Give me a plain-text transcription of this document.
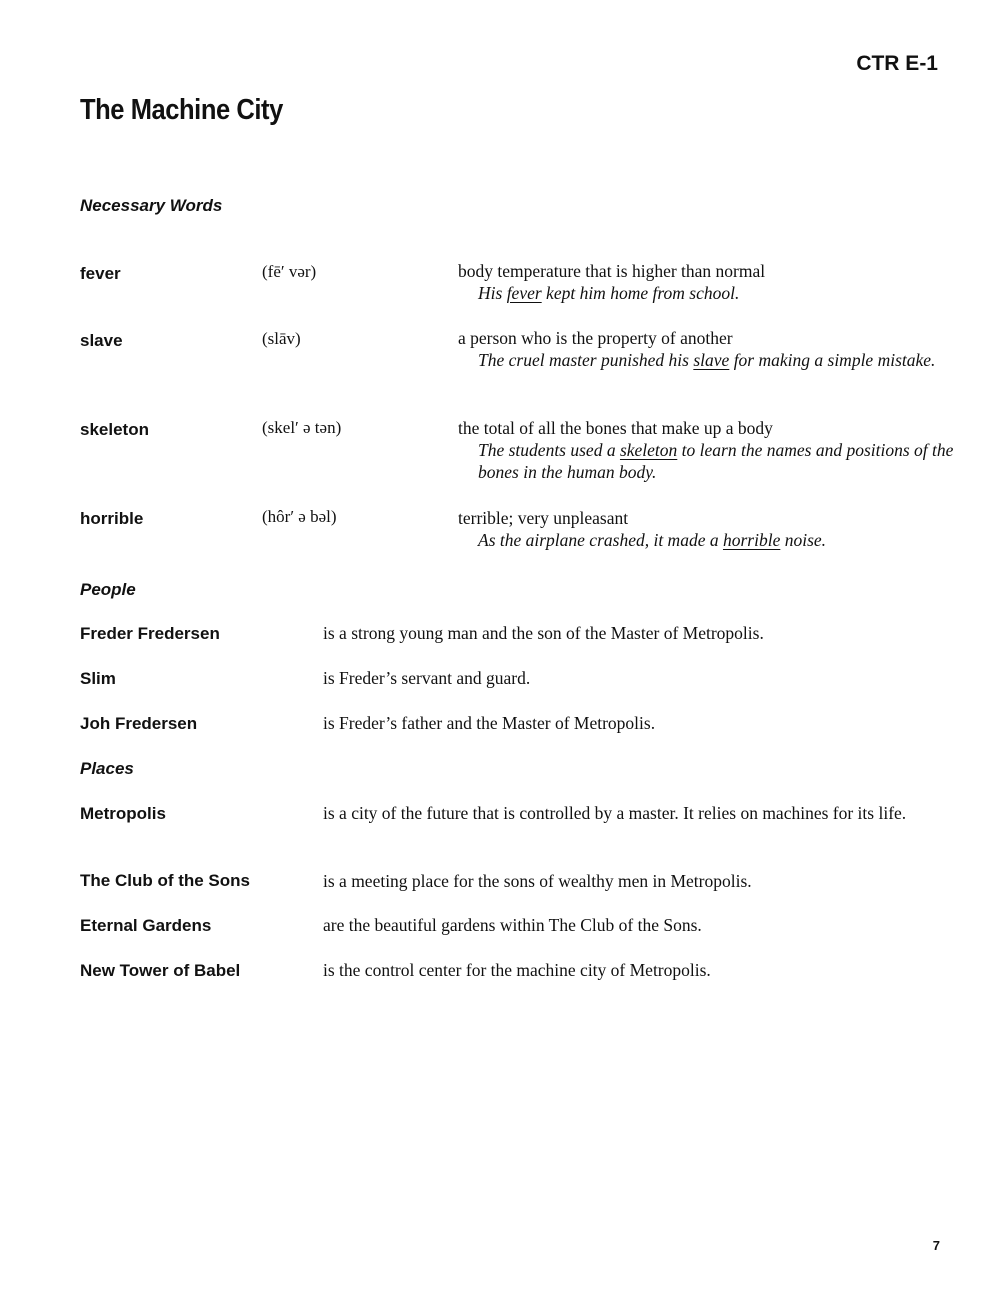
CTR E-1
The Machine City
Necessary Words
fever	(fē′ vər)	body temperature that is higher than normal
His fever kept him home from school.
slave	(slāv)	a person who is the property of another
The cruel master punished his slave for making a simple mistake.
skeleton	(skel′ ə tən)	the total of all the bones that make up a body
The students used a skeleton to learn the names and positions of the bones in the human body.
horrible	(hôr′ ə bəl)	terrible; very unpleasant
As the airplane crashed, it made a horrible noise.
People
Freder Fredersen	is a strong young man and the son of the Master of Metropolis.
Slim	is Freder’s servant and guard.
Joh Fredersen	is Freder’s father and the Master of Metropolis.
Places
Metropolis	is a city of the future that is controlled by a master. It relies on machines for its life.
The Club of the Sons	is a meeting place for the sons of wealthy men in Metropolis.
Eternal Gardens	are the beautiful gardens within The Club of the Sons.
New Tower of Babel	is the control center for the machine city of Metropolis.
7
